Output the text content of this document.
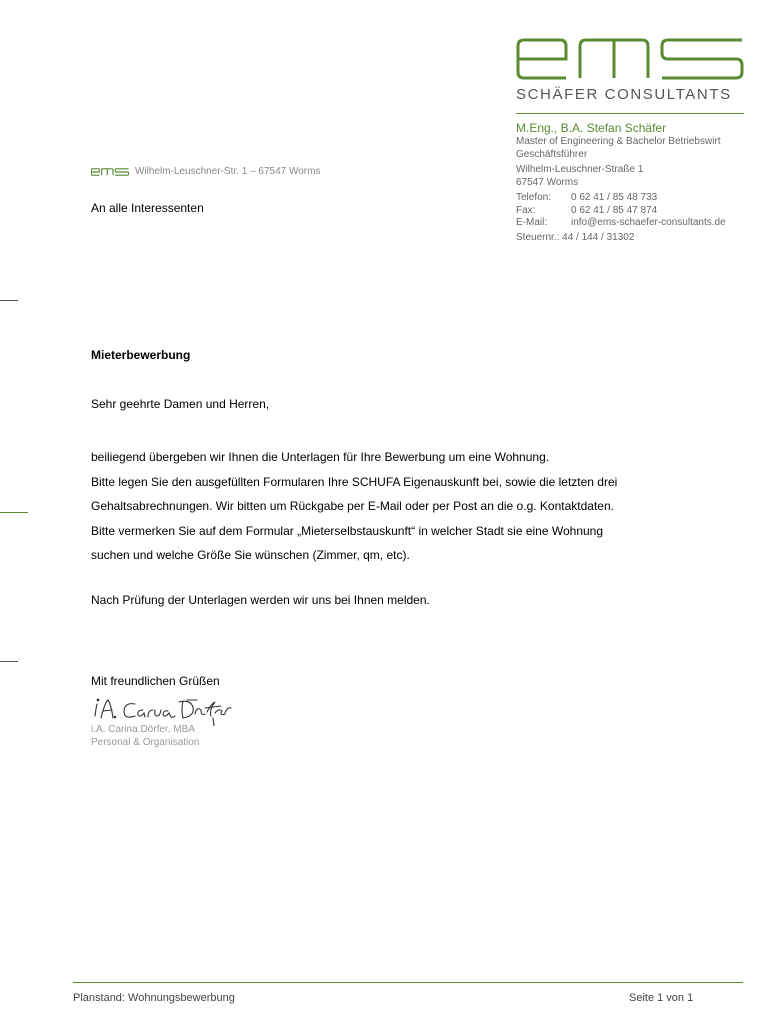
SCHÄFER CONSULTANTS
M.Eng., B.A. Stefan Schäfer
Master of Engineering & Bachelor Betriebswirt
Geschäftsführer
Wilhelm-Leuschner-Straße 1
67547 Worms
Telefon:	0 62 41 / 85 48 733
Fax:	0 62 41 / 85 47 874
E-Mail:	info@ems-schaefer-consultants.de
Steuernr.: 44 / 144 / 31302
Wilhelm-Leuschner-Str. 1 – 67547 Worms
An alle Interessenten
Mieterbewerbung
Sehr geehrte Damen und Herren,
beiliegend übergeben wir Ihnen die Unterlagen für Ihre Bewerbung um eine Wohnung.
Bitte legen Sie den ausgefüllten Formularen Ihre SCHUFA Eigenauskunft bei, sowie die letzten drei
Gehaltsabrechnungen. Wir bitten um Rückgabe per E-Mail oder per Post an die o.g. Kontaktdaten.
Bitte vermerken Sie auf dem Formular „Mieterselbstauskunft“ in welcher Stadt sie eine Wohnung
suchen und welche Größe Sie wünschen (Zimmer, qm, etc).
Nach Prüfung der Unterlagen werden wir uns bei Ihnen melden.
Mit freundlichen Grüßen
i.A. Carina Dörfer, MBA
Personal & Organisation
Planstand: Wohnungsbewerbung	Seite 1 von 1
